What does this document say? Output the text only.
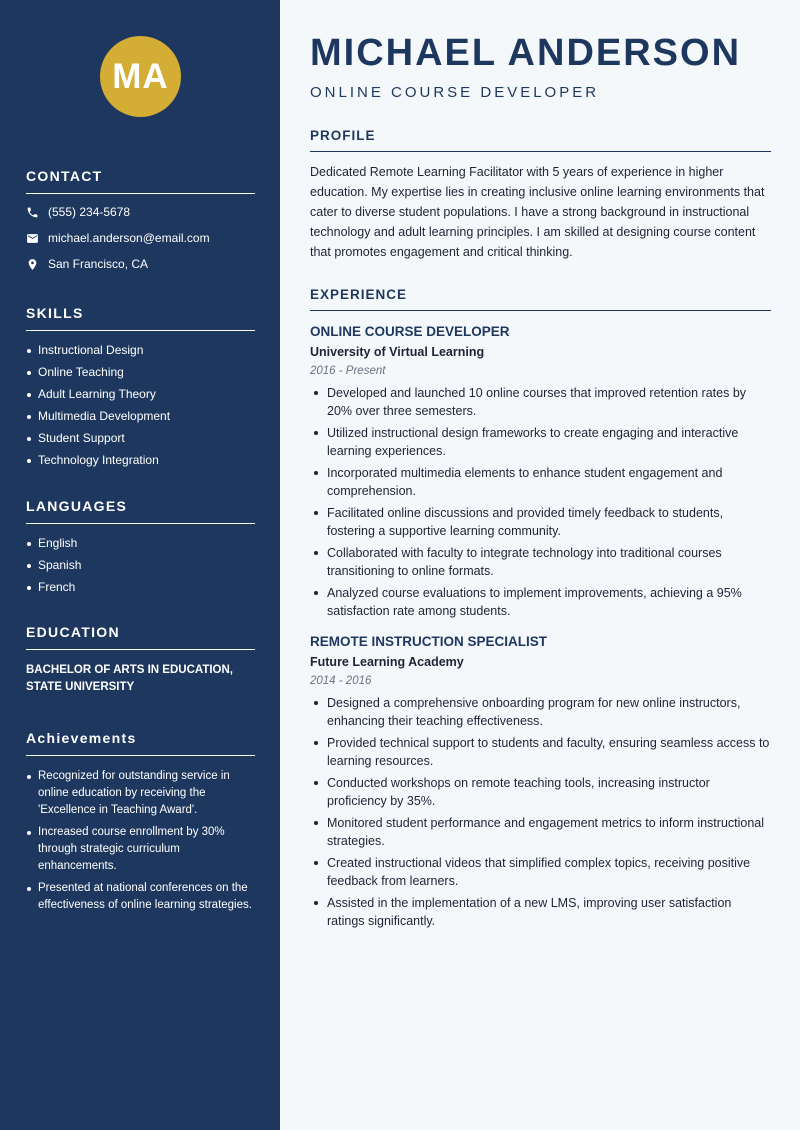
MA
CONTACT
(555) 234-5678
michael.anderson@email.com
San Francisco, CA
SKILLS
Instructional Design
Online Teaching
Adult Learning Theory
Multimedia Development
Student Support
Technology Integration
LANGUAGES
English
Spanish
French
EDUCATION
BACHELOR OF ARTS IN EDUCATION, STATE UNIVERSITY
Achievements
Recognized for outstanding service in online education by receiving the 'Excellence in Teaching Award'.
Increased course enrollment by 30% through strategic curriculum enhancements.
Presented at national conferences on the effectiveness of online learning strategies.
MICHAEL ANDERSON
ONLINE COURSE DEVELOPER
PROFILE

Dedicated Remote Learning Facilitator with 5 years of experience in higher education. My expertise lies in creating inclusive online learning environments that cater to diverse student populations. I have a strong background in instructional technology and adult learning principles. I am skilled at designing course content that promotes engagement and critical thinking.

EXPERIENCE
ONLINE COURSE DEVELOPER
University of Virtual Learning
2016 - Present
Developed and launched 10 online courses that improved retention rates by 20% over three semesters.
Utilized instructional design frameworks to create engaging and interactive learning experiences.
Incorporated multimedia elements to enhance student engagement and comprehension.
Facilitated online discussions and provided timely feedback to students, fostering a supportive learning community.
Collaborated with faculty to integrate technology into traditional courses transitioning to online formats.
Analyzed course evaluations to implement improvements, achieving a 95% satisfaction rate among students.
REMOTE INSTRUCTION SPECIALIST
Future Learning Academy
2014 - 2016
Designed a comprehensive onboarding program for new online instructors, enhancing their teaching effectiveness.
Provided technical support to students and faculty, ensuring seamless access to learning resources.
Conducted workshops on remote teaching tools, increasing instructor proficiency by 35%.
Monitored student performance and engagement metrics to inform instructional strategies.
Created instructional videos that simplified complex topics, receiving positive feedback from learners.
Assisted in the implementation of a new LMS, improving user satisfaction ratings significantly.
